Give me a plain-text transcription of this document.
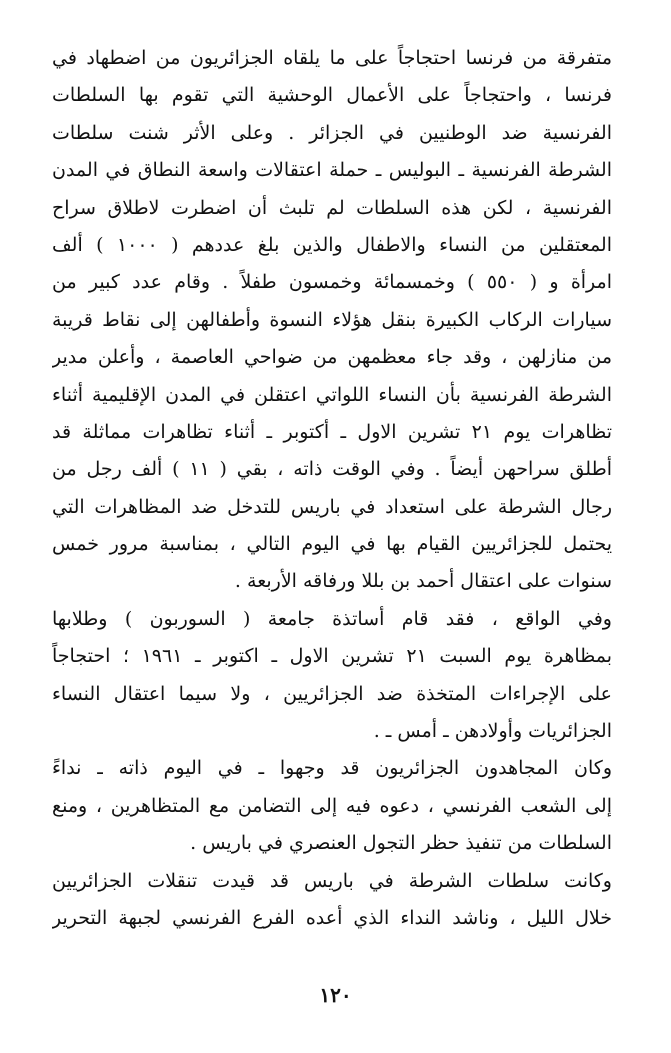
متفرقة من فرنسا احتجاجاً على ما يلقاه الجزائريون من اضطهاد في
فرنسا ، واحتجاجاً على الأعمال الوحشية التي تقوم بها السلطات
الفرنسية ضد الوطنيين في الجزائر . وعلى الأثر شنت سلطات
الشرطة الفرنسية ـ البوليس ـ حملة اعتقالات واسعة النطاق في المدن
الفرنسية ، لكن هذه السلطات لم تلبث أن اضطرت لاطلاق سراح
المعتقلين من النساء والاطفال والذين بلغ عددهم ( ١٠٠٠ ) ألف
امرأة و ( ٥٥٠ ) وخمسمائة وخمسون طفلاً . وقام عدد كبير من
سيارات الركاب الكبيرة بنقل هؤلاء النسوة وأطفالهن إلى نقاط قريبة
من منازلهن ، وقد جاء معظمهن من ضواحي العاصمة ، وأعلن مدير
الشرطة الفرنسية بأن النساء اللواتي اعتقلن في المدن الإقليمية أثناء
تظاهرات يوم ٢١ تشرين الاول ـ أكتوبر ـ أثناء تظاهرات مماثلة قد
أطلق سراحهن أيضاً . وفي الوقت ذاته ، بقي ( ١١ ) ألف رجل من
رجال الشرطة على استعداد في باريس للتدخل ضد المظاهرات التي
يحتمل للجزائريين القيام بها في اليوم التالي ، بمناسبة مرور خمس
سنوات على اعتقال أحمد بن بللا ورفاقه الأربعة .
وفي الواقع ، فقد قام أساتذة جامعة ( السوربون ) وطلابها
بمظاهرة يوم السبت ٢١ تشرين الاول ـ اكتوبر ـ ١٩٦١ ؛ احتجاجاً
على الإجراءات المتخذة ضد الجزائريين ، ولا سيما اعتقال النساء
الجزائريات وأولادهن ـ أمس ـ .
وكان المجاهدون الجزائريون قد وجهوا ـ في اليوم ذاته ـ نداءً
إلى الشعب الفرنسي ، دعوه فيه إلى التضامن مع المتظاهرين ، ومنع
السلطات من تنفيذ حظر التجول العنصري في باريس .
وكانت سلطات الشرطة في باريس قد قيدت تنقلات الجزائريين
خلال الليل ، وناشد النداء الذي أعده الفرع الفرنسي لجبهة التحرير
١٢٠
